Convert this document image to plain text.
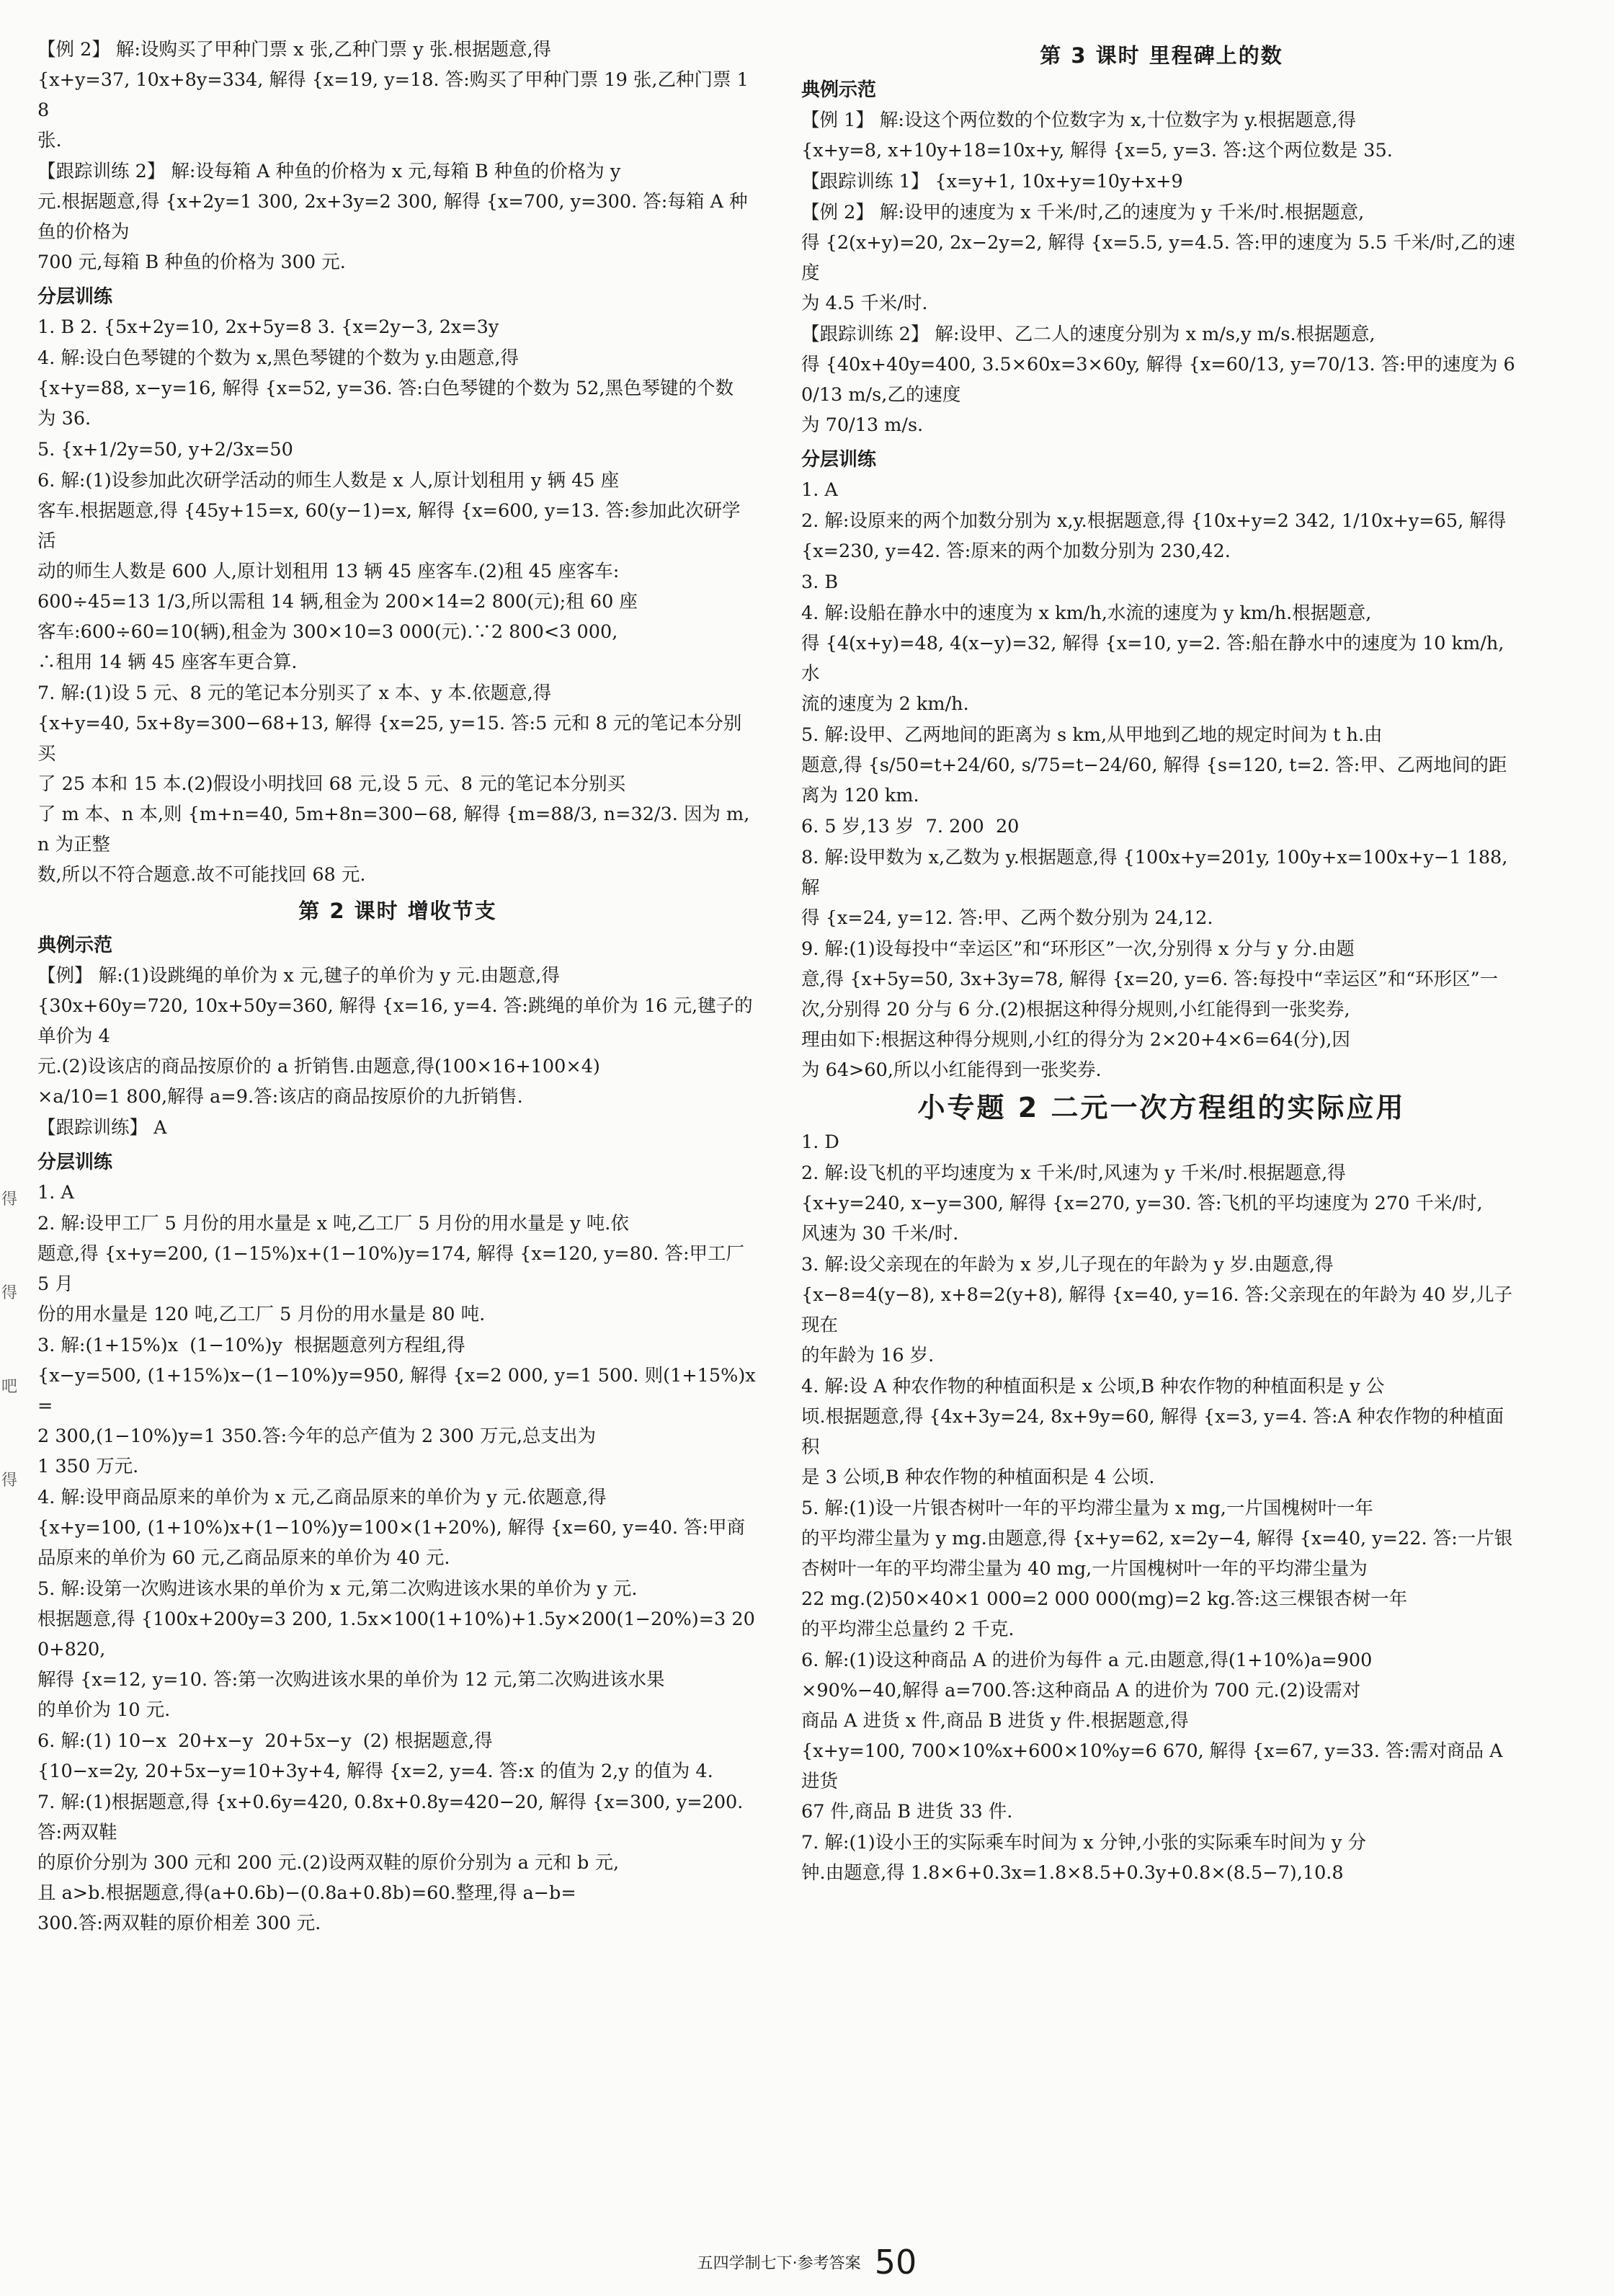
【例 2】 解:设购买了甲种门票 x 张,乙种门票 y 张.根据题意,得

{x+y=37, 10x+8y=334, 解得 {x=19, y=18. 答:购买了甲种门票 19 张,乙种门票 18

张.

【跟踪训练 2】 解:设每箱 A 种鱼的价格为 x 元,每箱 B 种鱼的价格为 y

元.根据题意,得 {x+2y=1 300, 2x+3y=2 300, 解得 {x=700, y=300. 答:每箱 A 种鱼的价格为

700 元,每箱 B 种鱼的价格为 300 元.

分层训练

1. B 2. {5x+2y=10, 2x+5y=8 3. {x=2y−3, 2x=3y

4. 解:设白色琴键的个数为 x,黑色琴键的个数为 y.由题意,得

{x+y=88, x−y=16, 解得 {x=52, y=36. 答:白色琴键的个数为 52,黑色琴键的个数

为 36.

5. {x+1/2y=50, y+2/3x=50

6. 解:(1)设参加此次研学活动的师生人数是 x 人,原计划租用 y 辆 45 座

客车.根据题意,得 {45y+15=x, 60(y−1)=x, 解得 {x=600, y=13. 答:参加此次研学活

动的师生人数是 600 人,原计划租用 13 辆 45 座客车.(2)租 45 座客车:

600÷45=13 1/3,所以需租 14 辆,租金为 200×14=2 800(元);租 60 座

客车:600÷60=10(辆),租金为 300×10=3 000(元).∵2 800<3 000,

∴租用 14 辆 45 座客车更合算.

7. 解:(1)设 5 元、8 元的笔记本分别买了 x 本、y 本.依题意,得

{x+y=40, 5x+8y=300−68+13, 解得 {x=25, y=15. 答:5 元和 8 元的笔记本分别买

了 25 本和 15 本.(2)假设小明找回 68 元,设 5 元、8 元的笔记本分别买

了 m 本、n 本,则 {m+n=40, 5m+8n=300−68, 解得 {m=88/3, n=32/3. 因为 m,n 为正整

数,所以不符合题意.故不可能找回 68 元.

第 2 课时 增收节支
典例示范

【例】 解:(1)设跳绳的单价为 x 元,毽子的单价为 y 元.由题意,得

{30x+60y=720, 10x+50y=360, 解得 {x=16, y=4. 答:跳绳的单价为 16 元,毽子的单价为 4

元.(2)设该店的商品按原价的 a 折销售.由题意,得(100×16+100×4)

×a/10=1 800,解得 a=9.答:该店的商品按原价的九折销售.

【跟踪训练】 A

分层训练

1. A

2. 解:设甲工厂 5 月份的用水量是 x 吨,乙工厂 5 月份的用水量是 y 吨.依

题意,得 {x+y=200, (1−15%)x+(1−10%)y=174, 解得 {x=120, y=80. 答:甲工厂 5 月

份的用水量是 120 吨,乙工厂 5 月份的用水量是 80 吨.

3. 解:(1+15%)x  (1−10%)y  根据题意列方程组,得

{x−y=500, (1+15%)x−(1−10%)y=950, 解得 {x=2 000, y=1 500. 则(1+15%)x=

2 300,(1−10%)y=1 350.答:今年的总产值为 2 300 万元,总支出为

1 350 万元.

4. 解:设甲商品原来的单价为 x 元,乙商品原来的单价为 y 元.依题意,得

{x+y=100, (1+10%)x+(1−10%)y=100×(1+20%), 解得 {x=60, y=40. 答:甲商

品原来的单价为 60 元,乙商品原来的单价为 40 元.

5. 解:设第一次购进该水果的单价为 x 元,第二次购进该水果的单价为 y 元.

根据题意,得 {100x+200y=3 200, 1.5x×100(1+10%)+1.5y×200(1−20%)=3 200+820,

解得 {x=12, y=10. 答:第一次购进该水果的单价为 12 元,第二次购进该水果

的单价为 10 元.

6. 解:(1) 10−x  20+x−y  20+5x−y  (2) 根据题意,得

{10−x=2y, 20+5x−y=10+3y+4, 解得 {x=2, y=4. 答:x 的值为 2,y 的值为 4.

7. 解:(1)根据题意,得 {x+0.6y=420, 0.8x+0.8y=420−20, 解得 {x=300, y=200. 答:两双鞋

的原价分别为 300 元和 200 元.(2)设两双鞋的原价分别为 a 元和 b 元,

且 a>b.根据题意,得(a+0.6b)−(0.8a+0.8b)=60.整理,得 a−b=

300.答:两双鞋的原价相差 300 元.

第 3 课时 里程碑上的数
典例示范

【例 1】 解:设这个两位数的个位数字为 x,十位数字为 y.根据题意,得

{x+y=8, x+10y+18=10x+y, 解得 {x=5, y=3. 答:这个两位数是 35.

【跟踪训练 1】 {x=y+1, 10x+y=10y+x+9

【例 2】 解:设甲的速度为 x 千米/时,乙的速度为 y 千米/时.根据题意,

得 {2(x+y)=20, 2x−2y=2, 解得 {x=5.5, y=4.5. 答:甲的速度为 5.5 千米/时,乙的速度

为 4.5 千米/时.

【跟踪训练 2】 解:设甲、乙二人的速度分别为 x m/s,y m/s.根据题意,

得 {40x+40y=400, 3.5×60x=3×60y, 解得 {x=60/13, y=70/13. 答:甲的速度为 60/13 m/s,乙的速度

为 70/13 m/s.

分层训练

1. A

2. 解:设原来的两个加数分别为 x,y.根据题意,得 {10x+y=2 342, 1/10x+y=65, 解得

{x=230, y=42. 答:原来的两个加数分别为 230,42.

3. B

4. 解:设船在静水中的速度为 x km/h,水流的速度为 y km/h.根据题意,

得 {4(x+y)=48, 4(x−y)=32, 解得 {x=10, y=2. 答:船在静水中的速度为 10 km/h,水

流的速度为 2 km/h.

5. 解:设甲、乙两地间的距离为 s km,从甲地到乙地的规定时间为 t h.由

题意,得 {s/50=t+24/60, s/75=t−24/60, 解得 {s=120, t=2. 答:甲、乙两地间的距离为 120 km.

6. 5 岁,13 岁  7. 200  20

8. 解:设甲数为 x,乙数为 y.根据题意,得 {100x+y=201y, 100y+x=100x+y−1 188, 解

得 {x=24, y=12. 答:甲、乙两个数分别为 24,12.

9. 解:(1)设每投中“幸运区”和“环形区”一次,分别得 x 分与 y 分.由题

意,得 {x+5y=50, 3x+3y=78, 解得 {x=20, y=6. 答:每投中“幸运区”和“环形区”一

次,分别得 20 分与 6 分.(2)根据这种得分规则,小红能得到一张奖券,

理由如下:根据这种得分规则,小红的得分为 2×20+4×6=64(分),因

为 64>60,所以小红能得到一张奖券.

小专题 2 二元一次方程组的实际应用

1. D

2. 解:设飞机的平均速度为 x 千米/时,风速为 y 千米/时.根据题意,得

{x+y=240, x−y=300, 解得 {x=270, y=30. 答:飞机的平均速度为 270 千米/时,

风速为 30 千米/时.

3. 解:设父亲现在的年龄为 x 岁,儿子现在的年龄为 y 岁.由题意,得

{x−8=4(y−8), x+8=2(y+8), 解得 {x=40, y=16. 答:父亲现在的年龄为 40 岁,儿子现在

的年龄为 16 岁.

4. 解:设 A 种农作物的种植面积是 x 公顷,B 种农作物的种植面积是 y 公

顷.根据题意,得 {4x+3y=24, 8x+9y=60, 解得 {x=3, y=4. 答:A 种农作物的种植面积

是 3 公顷,B 种农作物的种植面积是 4 公顷.

5. 解:(1)设一片银杏树叶一年的平均滞尘量为 x mg,一片国槐树叶一年

的平均滞尘量为 y mg.由题意,得 {x+y=62, x=2y−4, 解得 {x=40, y=22. 答:一片银

杏树叶一年的平均滞尘量为 40 mg,一片国槐树叶一年的平均滞尘量为

22 mg.(2)50×40×1 000=2 000 000(mg)=2 kg.答:这三棵银杏树一年

的平均滞尘总量约 2 千克.

6. 解:(1)设这种商品 A 的进价为每件 a 元.由题意,得(1+10%)a=900

×90%−40,解得 a=700.答:这种商品 A 的进价为 700 元.(2)设需对

商品 A 进货 x 件,商品 B 进货 y 件.根据题意,得

{x+y=100, 700×10%x+600×10%y=6 670, 解得 {x=67, y=33. 答:需对商品 A 进货

67 件,商品 B 进货 33 件.

7. 解:(1)设小王的实际乘车时间为 x 分钟,小张的实际乘车时间为 y 分

钟.由题意,得 1.8×6+0.3x=1.8×8.5+0.3y+0.8×(8.5−7),10.8

得
得
吧
得
五四学制七下·参考答案 50
